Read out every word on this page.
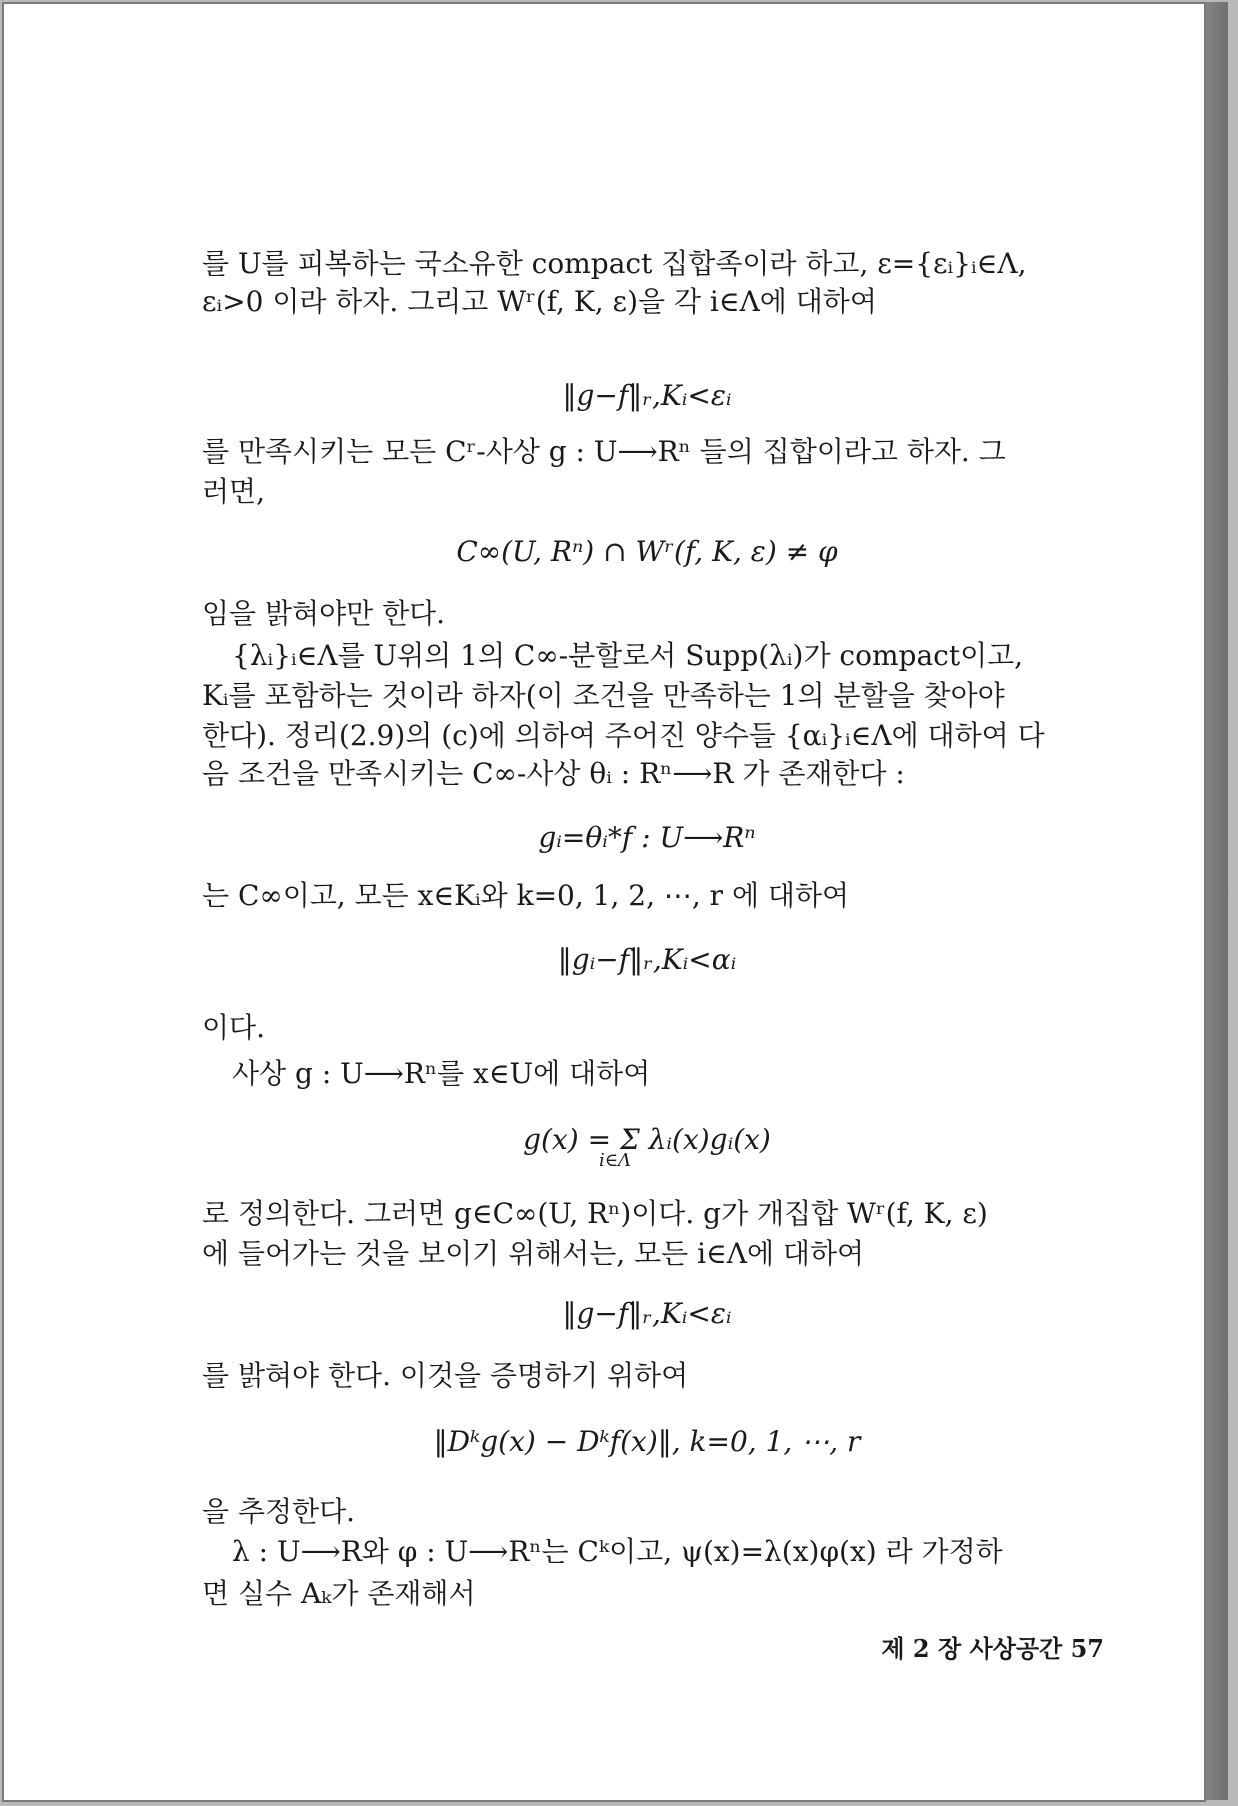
를 U를 피복하는 국소유한 compact 집합족이라 하고, ε={εᵢ}ᵢ∈Λ,
εᵢ>0 이라 하자. 그리고 Wʳ(f, K, ε)을 각 i∈Λ에 대하여
‖g−f‖ᵣ,Kᵢ<εᵢ
를 만족시키는 모든 Cʳ-사상 g : U⟶Rⁿ 들의 집합이라고 하자. 그
러면,
C∞(U, Rⁿ) ∩ Wʳ(f, K, ε) ≠ φ
임을 밝혀야만 한다.
{λᵢ}ᵢ∈Λ를 U위의 1의 C∞-분할로서 Supp(λᵢ)가 compact이고,
Kᵢ를 포함하는 것이라 하자(이 조건을 만족하는 1의 분할을 찾아야
한다). 정리(2.9)의 (c)에 의하여 주어진 양수들 {αᵢ}ᵢ∈Λ에 대하여 다
음 조건을 만족시키는 C∞-사상 θᵢ : Rⁿ⟶R 가 존재한다 :
gᵢ=θᵢ*f : U⟶Rⁿ
는 C∞이고, 모든 x∈Kᵢ와 k=0, 1, 2, ⋯, r 에 대하여
‖gᵢ−f‖ᵣ,Kᵢ<αᵢ
이다.
사상 g : U⟶Rⁿ를 x∈U에 대하여
g(x) = Σ λᵢ(x)gᵢ(x)
i∈Λ
로 정의한다. 그러면 g∈C∞(U, Rⁿ)이다. g가 개집합 Wʳ(f, K, ε)
에 들어가는 것을 보이기 위해서는, 모든 i∈Λ에 대하여
‖g−f‖ᵣ,Kᵢ<εᵢ
를 밝혀야 한다. 이것을 증명하기 위하여
‖Dᵏg(x) − Dᵏf(x)‖, k=0, 1, ⋯, r
을 추정한다.
λ : U⟶R와 φ : U⟶Rⁿ는 Cᵏ이고, ψ(x)=λ(x)φ(x) 라 가정하
면 실수 Aₖ가 존재해서
제 2 장 사상공간 57
